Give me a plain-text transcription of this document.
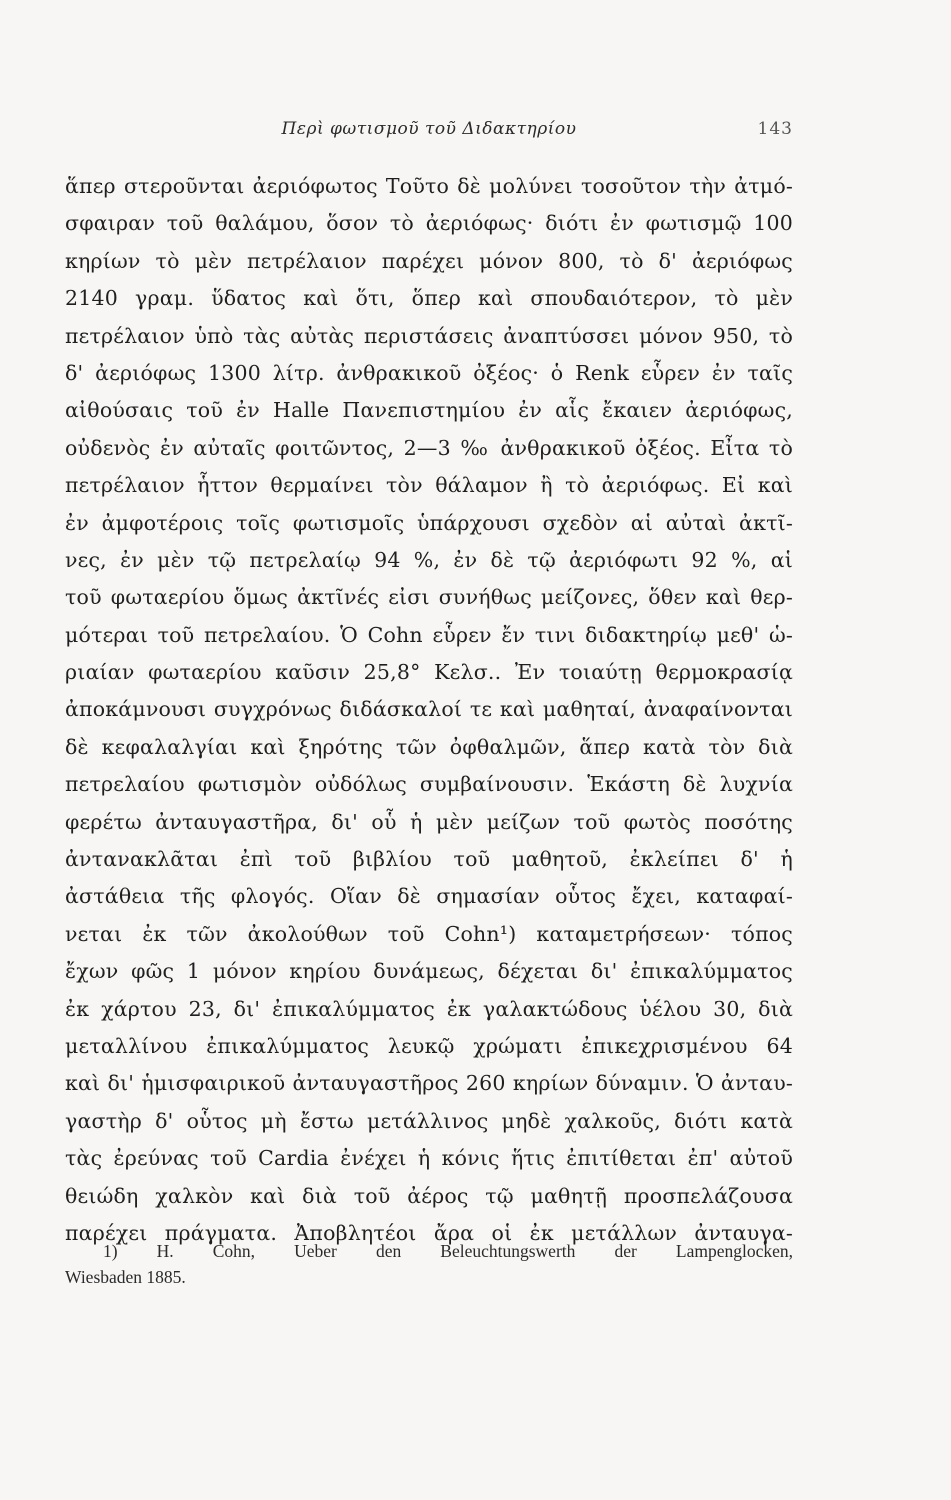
Περὶ φωτισμοῦ τοῦ Διδακτηρίου	143
ἅπερ στεροῦνται ἀεριόφωτος Τοῦτο δὲ μολύνει τοσοῦτον τὴν ἀτμό-
σφαιραν τοῦ θαλάμου, ὅσον τὸ ἀεριόφως· διότι ἐν φωτισμῷ 100
κηρίων τὸ μὲν πετρέλαιον παρέχει μόνον 800, τὸ δ' ἀεριόφως
2140 γραμ. ὕδατος καὶ ὅτι, ὅπερ καὶ σπουδαιότερον, τὸ μὲν
πετρέλαιον ὑπὸ τὰς αὐτὰς περιστάσεις ἀναπτύσσει μόνον 950, τὸ
δ' ἀεριόφως 1300 λίτρ. ἀνθρακικοῦ ὀξέος· ὁ Renk εὗρεν ἐν ταῖς
αἰθούσαις τοῦ ἐν Halle Πανεπιστημίου ἐν αἷς ἔκαιεν ἀεριόφως,
οὐδενὸς ἐν αὐταῖς φοιτῶντος, 2—3 ‰ ἀνθρακικοῦ ὀξέος. Εἶτα τὸ
πετρέλαιον ἧττον θερμαίνει τὸν θάλαμον ἢ τὸ ἀεριόφως. Εἰ καὶ
ἐν ἀμφοτέροις τοῖς φωτισμοῖς ὑπάρχουσι σχεδὸν αἱ αὐταὶ ἀκτῖ-
νες, ἐν μὲν τῷ πετρελαίῳ 94 %, ἐν δὲ τῷ ἀεριόφωτι 92 %, αἱ
τοῦ φωταερίου ὅμως ἀκτῖνές εἰσι συνήθως μείζονες, ὅθεν καὶ θερ-
μότεραι τοῦ πετρελαίου. Ὁ Cohn εὗρεν ἔν τινι διδακτηρίῳ μεθ' ὡ-
ριαίαν φωταερίου καῦσιν 25,8° Κελσ.. Ἐν τοιαύτῃ θερμοκρασίᾳ
ἀποκάμνουσι συγχρόνως διδάσκαλοί τε καὶ μαθηταί, ἀναφαίνονται
δὲ κεφαλαλγίαι καὶ ξηρότης τῶν ὀφθαλμῶν, ἅπερ κατὰ τὸν διὰ
πετρελαίου φωτισμὸν οὐδόλως συμβαίνουσιν. Ἑκάστη δὲ λυχνία
φερέτω ἀνταυγαστῆρα, δι' οὗ ἡ μὲν μείζων τοῦ φωτὸς ποσότης
ἀντανακλᾶται ἐπὶ τοῦ βιβλίου τοῦ μαθητοῦ, ἐκλείπει δ' ἡ
ἀστάθεια τῆς φλογός. Οἵαν δὲ σημασίαν οὗτος ἔχει, καταφαί-
νεται ἐκ τῶν ἀκολούθων τοῦ Cohn¹) καταμετρήσεων· τόπος
ἔχων φῶς 1 μόνον κηρίου δυνάμεως, δέχεται δι' ἐπικαλύμματος
ἐκ χάρτου 23, δι' ἐπικαλύμματος ἐκ γαλακτώδους ὑέλου 30, διὰ
μεταλλίνου ἐπικαλύμματος λευκῷ χρώματι ἐπικεχρισμένου 64
καὶ δι' ἡμισφαιρικοῦ ἀνταυγαστῆρος 260 κηρίων δύναμιν. Ὁ ἀνταυ-
γαστὴρ δ' οὗτος μὴ ἔστω μετάλλινος μηδὲ χαλκοῦς, διότι κατὰ
τὰς ἐρεύνας τοῦ Cardia ἐνέχει ἡ κόνις ἥτις ἐπιτίθεται ἐπ' αὐτοῦ
θειώδη χαλκὸν καὶ διὰ τοῦ ἀέρος τῷ μαθητῇ προσπελάζουσα
παρέχει πράγματα. Ἀποβλητέοι ἄρα οἱ ἐκ μετάλλων ἀνταυγα-
1) H. Cohn, Ueber den Beleuchtungswerth der Lampenglocken,
Wiesbaden 1885.
